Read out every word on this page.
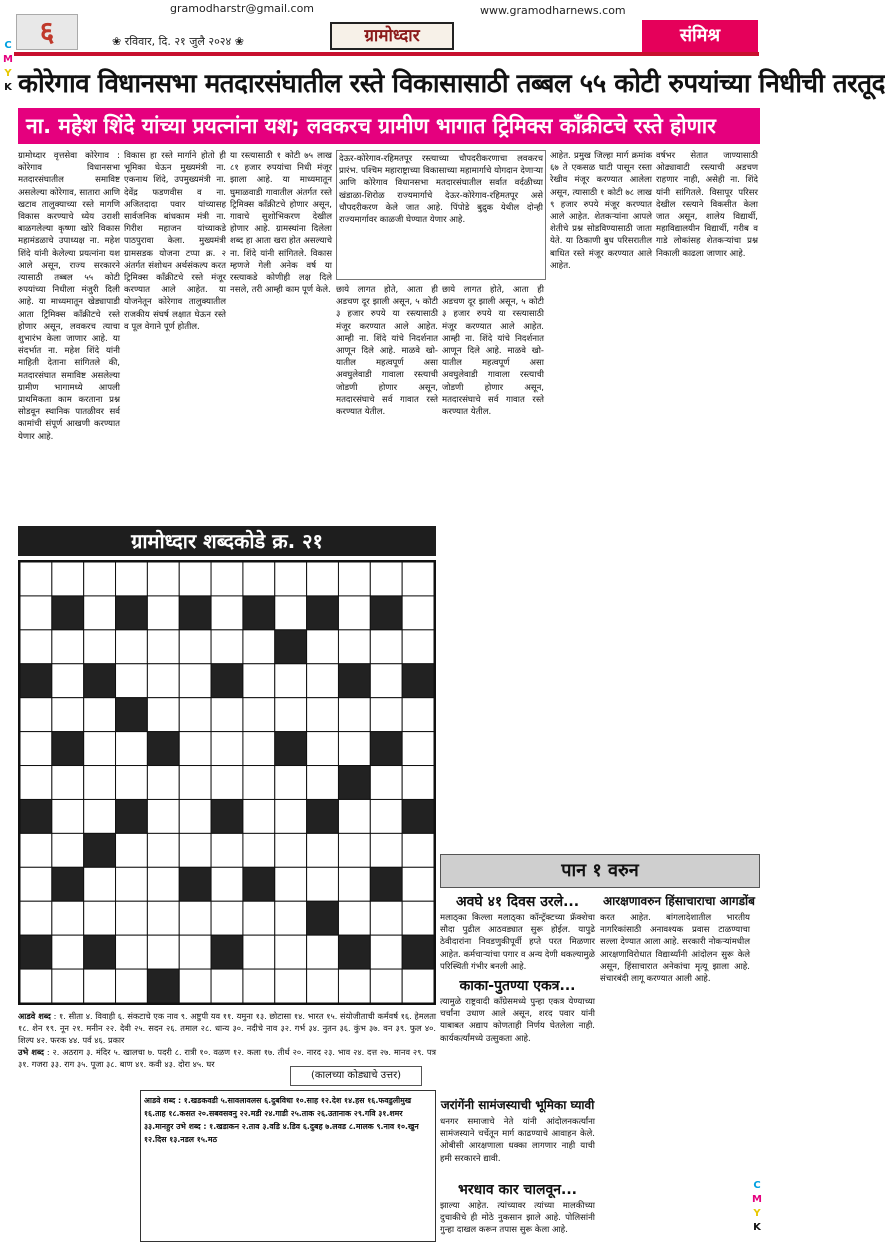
C
M
Y
K
C
M
Y
K
६
gramodharstr@gmail.com	www.gramodharnews.com
❀ रविवार, दि. २१ जुलै २०२४ ❀	ग्रामोध्दार	संमिश्र
कोरेगाव विधानसभा मतदारसंघातील रस्ते विकासासाठी तब्बल ५५ कोटी रुपयांच्या निधीची तरतूद
ना. महेश शिंदे यांच्या प्रयत्नांना यश; लवकरच ग्रामीण भागात ट्रिमिक्स काँक्रीटचे रस्ते होणार
ग्रामोध्दार वृत्तसेवा कोरेगाव : कोरेगाव विधानसभा मतदारसंघातील समाविष्ट असलेल्या कोरेगाव, सातारा आणि खटाव तालुक्याच्या रस्ते मागणि विकास करण्याचे ध्येय उराशी बाळगलेल्या कृष्णा खोरे विकास महामंडळाचे उपाध्यक्ष ना. महेश शिंदे यांनी केलेल्या प्रयत्नांना यश आले असून, राज्य सरकारने त्यासाठी तब्बल ५५ कोटी रुपयांच्या निधीला मंजुरी दिली आहे. या माध्यमातून खेड्यापाडी आता ट्रिमिक्स काँक्रीटचे रस्ते होणार असून, लवकरच त्याचा शुभारंभ केला जाणार आहे. या संदर्भात ना. महेश शिंदे यांनी माहिती देताना सांगितले की, मतदारसंघात समाविष्ट असलेल्या ग्रामीण भागामध्ये आपली प्राथमिकता काम करताना प्रश्न सोडवून स्थानिक पातळीवर सर्व कामांची संपूर्ण आखणी करण्यात येणार आहे.
विकास हा रस्ते मार्गाने होतो ही भूमिका घेऊन मुख्यमंत्री ना. एकनाथ शिंदे, उपमुख्यमंत्री ना. देवेंद्र फडणवीस व ना. अजितदादा पवार यांच्यासह सार्वजनिक बांधकाम मंत्री ना. गिरीश महाजन यांच्याकडे पाठपुरावा केला. मुख्यमंत्री ग्रामसडक योजना टप्पा क्र. २ अंतर्गत संशोधन अर्थसंकल्प करत ट्रिमिक्स काँक्रीटचे रस्ते मंजूर करण्यात आले आहेत. या योजनेतून कोरेगाव तालुक्यातील राजकीय संघर्ष लक्षात घेऊन रस्ते व पूल वेगाने पूर्ण होतील.
या रस्त्यासाठी १ कोटी ७५ लाख ८१ हजार रुपयांचा निधी मंजूर झाला आहे. या माध्यमातून घुमाळवाडी गावातील अंतर्गत रस्ते ट्रिमिक्स काँक्रीटचे होणार असून, गावाचे सुशोभिकरण देखील होणार आहे. ग्रामस्थांना दिलेला शब्द हा आता खरा होत असल्याचे ना. शिंदे यांनी सांगितले. विकास म्हणजे गेली अनेक वर्ष या रस्त्याकडे कोणीही लक्ष दिले नसले, तरी आम्ही काम पूर्ण केले.
देऊर-कोरेगाव-रहिमतपूर रस्त्याच्या चौपदरीकरणाचा लवकरच प्रारंभ. पश्चिम महाराष्ट्राच्या विकासाच्या महामार्गाचे योगदान देणाऱ्या आणि कोरेगाव विधानसभा मतदारसंघातील सर्वात वर्दळीच्या खंडाळा-शिरोळ राज्यमार्गाचे देऊर-कोरेगाव-रहिमतपूर असे चौपदरीकरण केले जात आहे. पिंपोडे बुद्रुक येथील दोन्ही राज्यमार्गावर काळजी घेण्यात येणार आहे.
छाये लागत होते, आता ही अडचण दूर झाली असून, ५ कोटी ३ हजार रुपये या रस्त्यासाठी मंजूर करण्यात आले आहेत. आम्ही ना. शिंदे यांचे निदर्शनात आणून दिले आहे. माळवे खो-यातील महत्वपूर्ण असा अवघुलेवाडी गावाला रस्त्याची जोडणी होणार असून, मतदारसंघाचे सर्व गावात रस्ते करण्यात येतील.
छाये लागत होते, आता ही अडचण दूर झाली असून, ५ कोटी ३ हजार रुपये या रस्त्यासाठी मंजूर करण्यात आले आहेत. आम्ही ना. शिंदे यांचे निदर्शनात आणून दिले आहे. माळवे खो-यातील महत्वपूर्ण असा अवघुलेवाडी गावाला रस्त्याची जोडणी होणार असून, मतदारसंघाचे सर्व गावात रस्ते करण्यात येतील.
आहेत. प्रमुख जिल्हा मार्ग क्रमांक ६७ ते एकसळ घाटी पासून रस्ता रेखीव मंजूर करण्यात आलेला असून, त्यासाठी १ कोटी ७८ लाख ९ हजार रुपये मंजूर करण्यात आले आहेत. शेतकऱ्यांना आपले शेतीचे प्रश्न सोडविण्यासाठी जाता येते. या ठिकाणी बुध परिसरातील बाधित रस्ते मंजूर करण्यात आले आहेत.
वर्षभर सेतात जाण्यासाठी ओढ्यावाटी रस्त्याची अडचण राहणार नाही, असेही ना. शिंदे यांनी सांगितले. विसापूर परिसर देखील रस्त्याने विकसीत केला जात असून, शालेय विद्यार्थी, महाविद्यालयीन विद्यार्थी, गरीब व गाडे लोकांसह शेतकऱ्यांचा प्रश्न निकाली काढला जाणार आहे.
ग्रामोध्दार शब्दकोडे क्र. २१
आडवे शब्द : १. सीता ४. विवाही ६. संकटाचे एक नाव ९. अष्टुपी यव ११. यमुना १३. छोटासा १४. भारत १५. संयोजीताची कर्मवर्ष १६. हेमलता १८. शेन १९. नून २१. मनीन २२. देवी २५. सदन २६. तमाल २८. धान्य ३०. नदीचे नाव ३२. गर्भ ३४. नुतन ३६. कुंभ ३७. वन ३९. फुल ४०. शिल्प ४२. फरक ४४. पर्व ४६. प्रकार
उभे शब्द : २. अठराग ३. मंदिर ५. खालचा ७. पदरी ८. रात्री १०. वळण १२. कला १७. तीर्थ २०. नारद २३. भाव २४. दत्त २७. मानव २९. पत्र ३१. गजरा ३३. राग ३५. पूजा ३८. बाण ४१. कवी ४३. दोरा ४५. घर
(कालच्या कोड्याचे उत्तर)
आडवे शब्द : १.खडकवडी ५.सावलावलस ६.दुबविधा १०.साह १२.देश १४.हस १६.फवडुलीमुख १६.ताह १८.कसत २०.सबवसवनु २२.मडी २४.गाडी २५.ताक २६.उतानाक २९.गवि ३१.शमर ३३.मानहुर उभे शब्द : १.खडाकन २.ताव ३.वडि ४.डिव ६.दुबह ७.लवड ८.मालक ९.नाव १०.खुन १२.दिस १३.नडल १५.मठ
पान १ वरुन
अवघे ४१ दिवस उरले...
मलाठ्का किल्ला मलाठ्का कॉन्ट्रॅक्टच्या फ्रॅक्शेचा सौदा पुढील आठवड्यात सुरू होईल. यापुढे ठेवीदारांना निवडणुकीपूर्वी हप्ते परत मिळणार आहेत. कर्मचाऱ्यांचा पगार व अन्य देणी थकल्यामुळे परिस्थिती गंभीर बनली आहे.
काका-पुतण्या एकत्र...
त्यामुळे राष्ट्रवादी काँग्रेसमध्ये पुन्हा एकत्र येण्याच्या चर्चांना उधाण आले असून, शरद पवार यांनी याबाबत अद्याप कोणताही निर्णय घेतलेला नाही. कार्यकर्त्यांमध्ये उत्सुकता आहे.
जरांगेंनी सामंजस्याची भूमिका घ्यावी
धनगर समाजाचे नेते यांनी आंदोलनकर्त्यांना सामंजस्याने चर्चेतून मार्ग काढण्याचे आवाहन केले. ओबीसी आरक्षणाला धक्का लागणार नाही याची हमी सरकारने द्यावी.
भरधाव कार चालवून...
झाल्या आहेत. त्यांच्यावर त्यांच्या मालकीच्या दुचाकीचे ही मोठे नुकसान झाले आहे. पोलिसांनी गुन्हा दाखल करून तपास सुरू केला आहे.
आरक्षणावरुन हिंसाचाराचा आगडोंब
करत आहेत. बांगलादेशातील भारतीय नागरिकांसाठी अनावश्यक प्रवास टाळण्याचा सल्ला देण्यात आला आहे. सरकारी नोकऱ्यांमधील आरक्षणाविरोधात विद्यार्थ्यांनी आंदोलन सुरू केले असून, हिंसाचारात अनेकांचा मृत्यू झाला आहे. संचारबंदी लागू करण्यात आली आहे.
